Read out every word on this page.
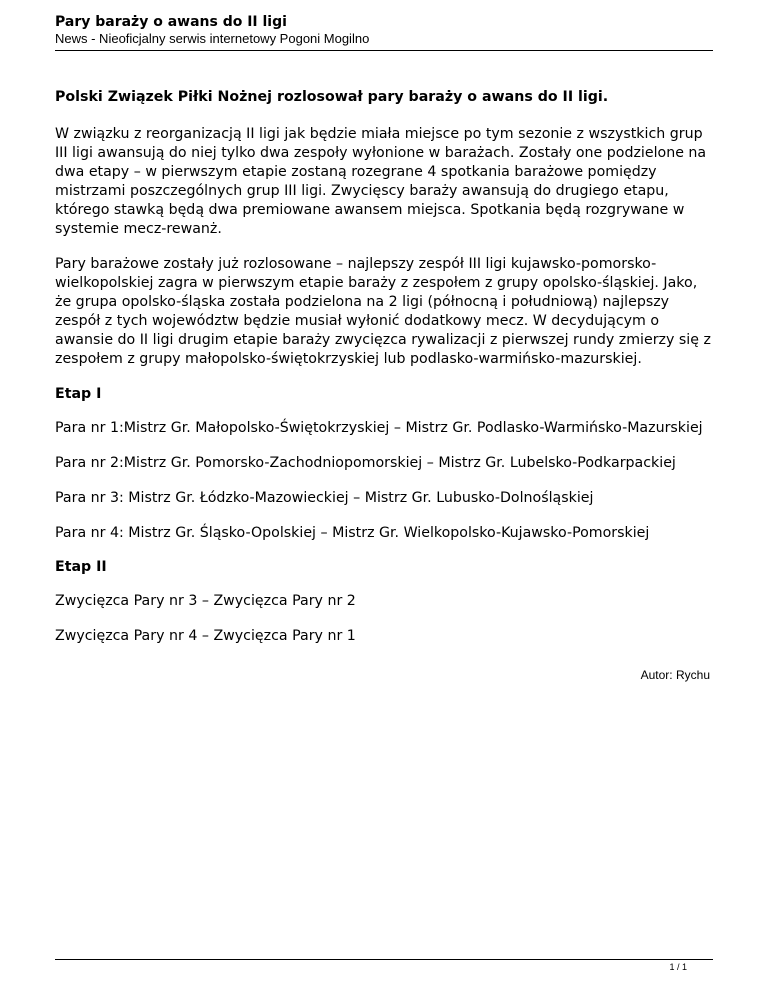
Pary baraży o awans do II ligi
News - Nieoficjalny serwis internetowy Pogoni Mogilno
Polski Związek Piłki Nożnej rozlosował pary baraży o awans do II ligi.

W związku z reorganizacją II ligi jak będzie miała miejsce po tym sezonie z wszystkich grup III ligi awansują do niej tylko dwa zespoły wyłonione w barażach. Zostały one podzielone na dwa etapy – w pierwszym etapie zostaną rozegrane 4 spotkania barażowe pomiędzy mistrzami poszczególnych grup III ligi. Zwycięscy baraży awansują do drugiego etapu, którego stawką będą dwa premiowane awansem miejsca. Spotkania będą rozgrywane w systemie mecz-rewanż.

Pary barażowe zostały już rozlosowane – najlepszy zespół III ligi kujawsko-pomorsko-wielkopolskiej zagra w pierwszym etapie baraży z zespołem z grupy opolsko-śląskiej. Jako, że grupa opolsko-śląska została podzielona na 2 ligi (północną i południową) najlepszy zespół z tych województw będzie musiał wyłonić dodatkowy mecz. W decydującym o awansie do II ligi drugim etapie baraży zwycięzca rywalizacji z pierwszej rundy zmierzy się z zespołem z grupy małopolsko-świętokrzyskiej lub podlasko-warmińsko-mazurskiej.

Etap I

Para nr 1:Mistrz Gr. Małopolsko-Świętokrzyskiej – Mistrz Gr. Podlasko-Warmińsko-Mazurskiej

Para nr 2:Mistrz Gr. Pomorsko-Zachodniopomorskiej – Mistrz Gr. Lubelsko-Podkarpackiej

Para nr 3: Mistrz Gr. Łódzko-Mazowieckiej – Mistrz Gr. Lubusko-Dolnośląskiej

Para nr 4: Mistrz Gr. Śląsko-Opolskiej – Mistrz Gr. Wielkopolsko-Kujawsko-Pomorskiej

Etap II

Zwycięzca Pary nr 3 – Zwycięzca Pary nr 2

Zwycięzca Pary nr 4 – Zwycięzca Pary nr 1

Autor: Rychu
1 / 1
